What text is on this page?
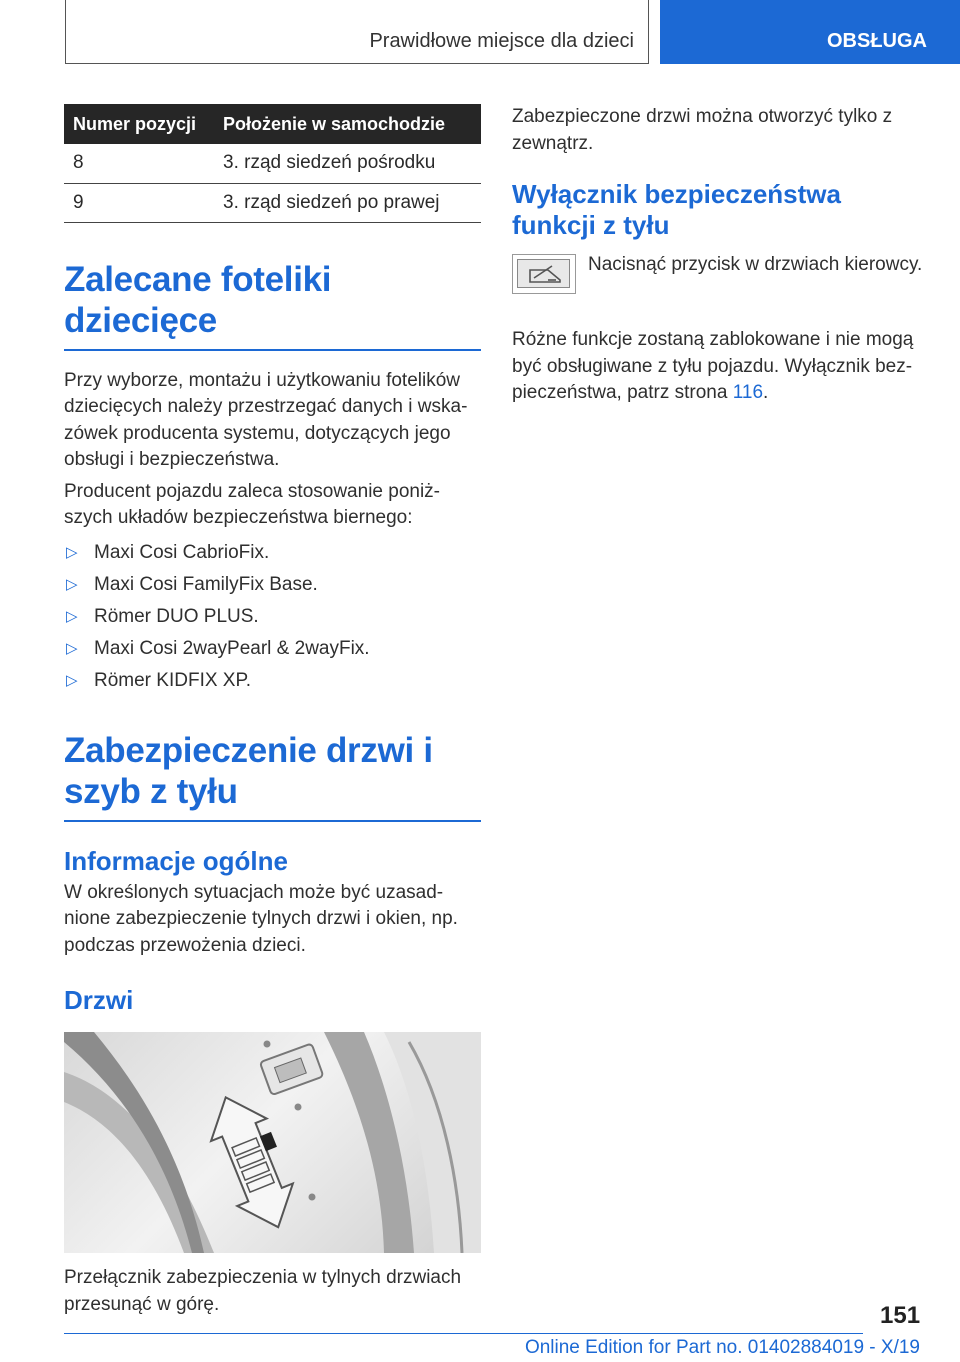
Prawidłowe miejsce dla dzieci	OBSŁUGA
Numer pozycji	Położenie w samochodzie
8	3. rząd siedzeń pośrodku
9	3. rząd siedzeń po prawej
Zalecane foteliki dziecięce

Przy wyborze, montażu i użytkowaniu fotelików dziecięcych należy przestrzegać danych i wska-zówek producenta systemu, dotyczących jego obsługi i bezpieczeństwa.

Producent pojazdu zaleca stosowanie poniż-szych układów bezpieczeństwa biernego:

▷ Maxi Cosi CabrioFix.
▷ Maxi Cosi FamilyFix Base.
▷ Römer DUO PLUS.
▷ Maxi Cosi 2wayPearl & 2wayFix.
▷ Römer KIDFIX XP.
Zabezpieczenie drzwi i szyb z tyłu
Informacje ogólne

W określonych sytuacjach może być uzasad-nione zabezpieczenie tylnych drzwi i okien, np. podczas przewożenia dzieci.

Drzwi

Przełącznik zabezpieczenia w tylnych drzwiach przesunąć w górę.

Zabezpieczone drzwi można otworzyć tylko z zewnątrz.

Wyłącznik bezpieczeństwa funkcji z tyłu

Nacisnąć przycisk w drzwiach kierowcy.

Różne funkcje zostaną zablokowane i nie mogą być obsługiwane z tyłu pojazdu. Wyłącznik bez-pieczeństwa, patrz strona 116.

151
Online Edition for Part no. 01402884019 - X/19
